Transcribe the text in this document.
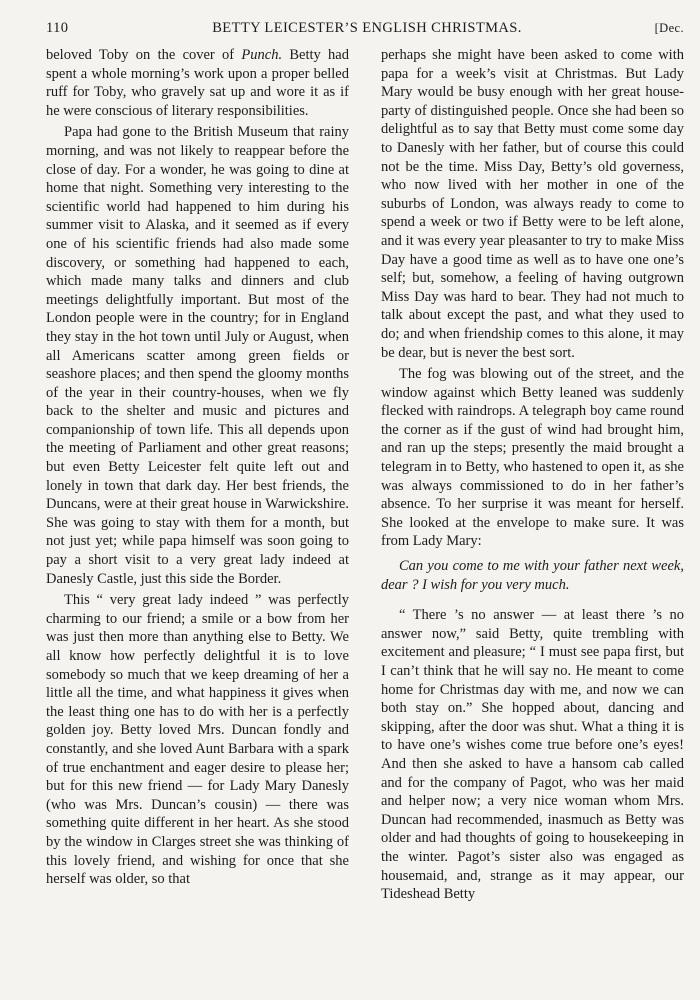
110	BETTY LEICESTER’S ENGLISH CHRISTMAS.	[Dec.

beloved Toby on the cover of Punch. Betty had spent a whole morning’s work upon a proper belled ruff for Toby, who gravely sat up and wore it as if he were conscious of literary responsibilities.

Papa had gone to the British Museum that rainy morning, and was not likely to reappear before the close of day. For a wonder, he was going to dine at home that night. Something very interesting to the scientific world had happened to him during his summer visit to Alaska, and it seemed as if every one of his scientific friends had also made some discovery, or something had happened to each, which made many talks and dinners and club meetings delightfully important. But most of the London people were in the country; for in England they stay in the hot town until July or August, when all Americans scatter among green fields or seashore places; and then spend the gloomy months of the year in their country-houses, when we fly back to the shelter and music and pictures and companionship of town life. This all depends upon the meeting of Parliament and other great reasons; but even Betty Leicester felt quite left out and lonely in town that dark day. Her best friends, the Duncans, were at their great house in Warwickshire. She was going to stay with them for a month, but not just yet; while papa himself was soon going to pay a short visit to a very great lady indeed at Danesly Castle, just this side the Border.

This “ very great lady indeed ” was perfectly charming to our friend; a smile or a bow from her was just then more than anything else to Betty. We all know how perfectly delightful it is to love somebody so much that we keep dreaming of her a little all the time, and what happiness it gives when the least thing one has to do with her is a perfectly golden joy. Betty loved Mrs. Duncan fondly and constantly, and she loved Aunt Barbara with a spark of true enchantment and eager desire to please her; but for this new friend — for Lady Mary Danesly (who was Mrs. Duncan’s cousin) — there was something quite different in her heart. As she stood by the window in Clarges street she was thinking of this lovely friend, and wishing for once that she herself was older, so that

perhaps she might have been asked to come with papa for a week’s visit at Christmas. But Lady Mary would be busy enough with her great house-party of distinguished people. Once she had been so delightful as to say that Betty must come some day to Danesly with her father, but of course this could not be the time. Miss Day, Betty’s old governess, who now lived with her mother in one of the suburbs of London, was always ready to come to spend a week or two if Betty were to be left alone, and it was every year pleasanter to try to make Miss Day have a good time as well as to have one one’s self; but, somehow, a feeling of having outgrown Miss Day was hard to bear. They had not much to talk about except the past, and what they used to do; and when friendship comes to this alone, it may be dear, but is never the best sort.

The fog was blowing out of the street, and the window against which Betty leaned was suddenly flecked with raindrops. A telegraph boy came round the corner as if the gust of wind had brought him, and ran up the steps; presently the maid brought a telegram in to Betty, who hastened to open it, as she was always commissioned to do in her father’s absence. To her surprise it was meant for herself. She looked at the envelope to make sure. It was from Lady Mary:

Can you come to me with your father next week, dear ? I wish for you very much.

“ There ’s no answer — at least there ’s no answer now,” said Betty, quite trembling with excitement and pleasure; “ I must see papa first, but I can’t think that he will say no. He meant to come home for Christmas day with me, and now we can both stay on.” She hopped about, dancing and skipping, after the door was shut. What a thing it is to have one’s wishes come true before one’s eyes! And then she asked to have a hansom cab called and for the company of Pagot, who was her maid and helper now; a very nice woman whom Mrs. Duncan had recommended, inasmuch as Betty was older and had thoughts of going to housekeeping in the winter. Pagot’s sister also was engaged as housemaid, and, strange as it may appear, our Tideshead Betty
